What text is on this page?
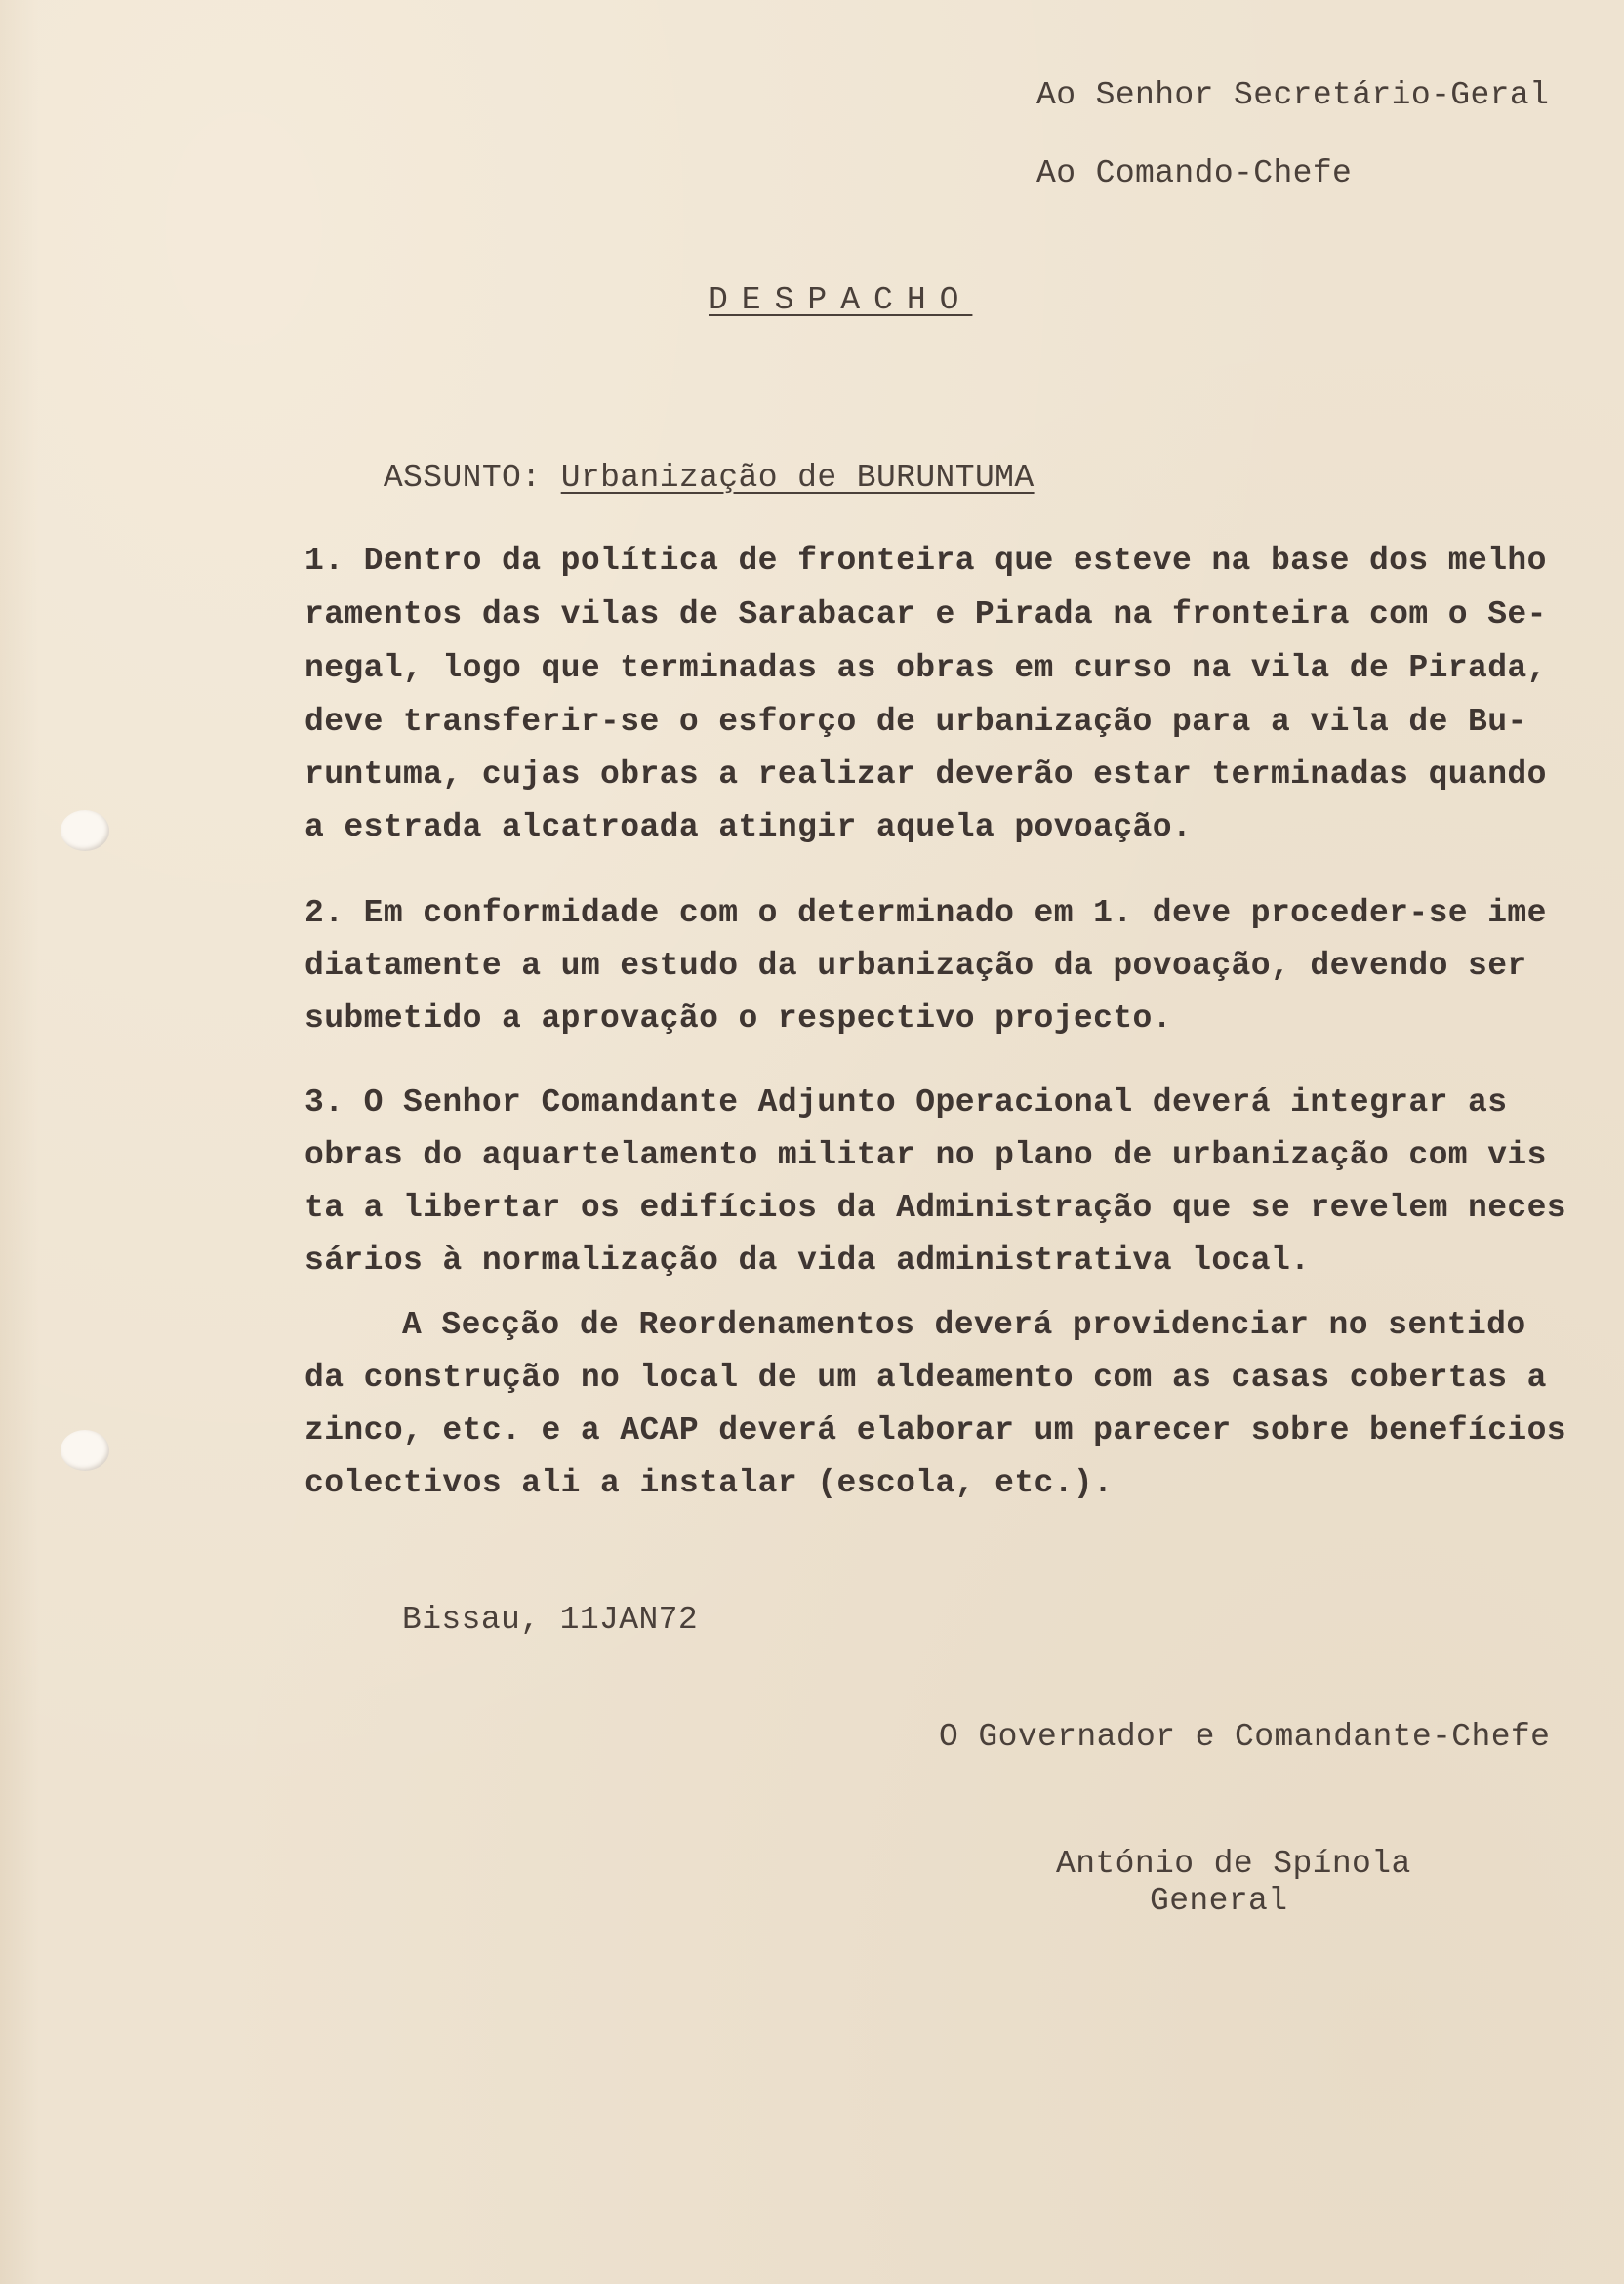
Ao Senhor Secretário-Geral
Ao Comando-Chefe
DESPACHO

ASSUNTO: Urbanização de BURUNTUMA

1. Dentro da política de fronteira que esteve na base dos melho
ramentos das vilas de Sarabacar e Pirada na fronteira com o Se-
negal, logo que terminadas as obras em curso na vila de Pirada,
deve transferir-se o esforço de urbanização para a vila de Bu-
runtuma, cujas obras a realizar deverão estar terminadas quando
a estrada alcatroada atingir aquela povoação.
2. Em conformidade com o determinado em 1. deve proceder-se ime
diatamente a um estudo da urbanização da povoação, devendo ser
submetido a aprovação o respectivo projecto.
3. O Senhor Comandante Adjunto Operacional deverá integrar as
obras do aquartelamento militar no plano de urbanização com vis
ta a libertar os edifícios da Administração que se revelem neces
sários à normalização da vida administrativa local.
A Secção de Reordenamentos deverá providenciar no sentido
da construção no local de um aldeamento com as casas cobertas a
zinco, etc. e a ACAP deverá elaborar um parecer sobre benefícios
colectivos ali a instalar (escola, etc.).
Bissau, 11JAN72
O Governador e Comandante-Chefe
António de Spínola
General
